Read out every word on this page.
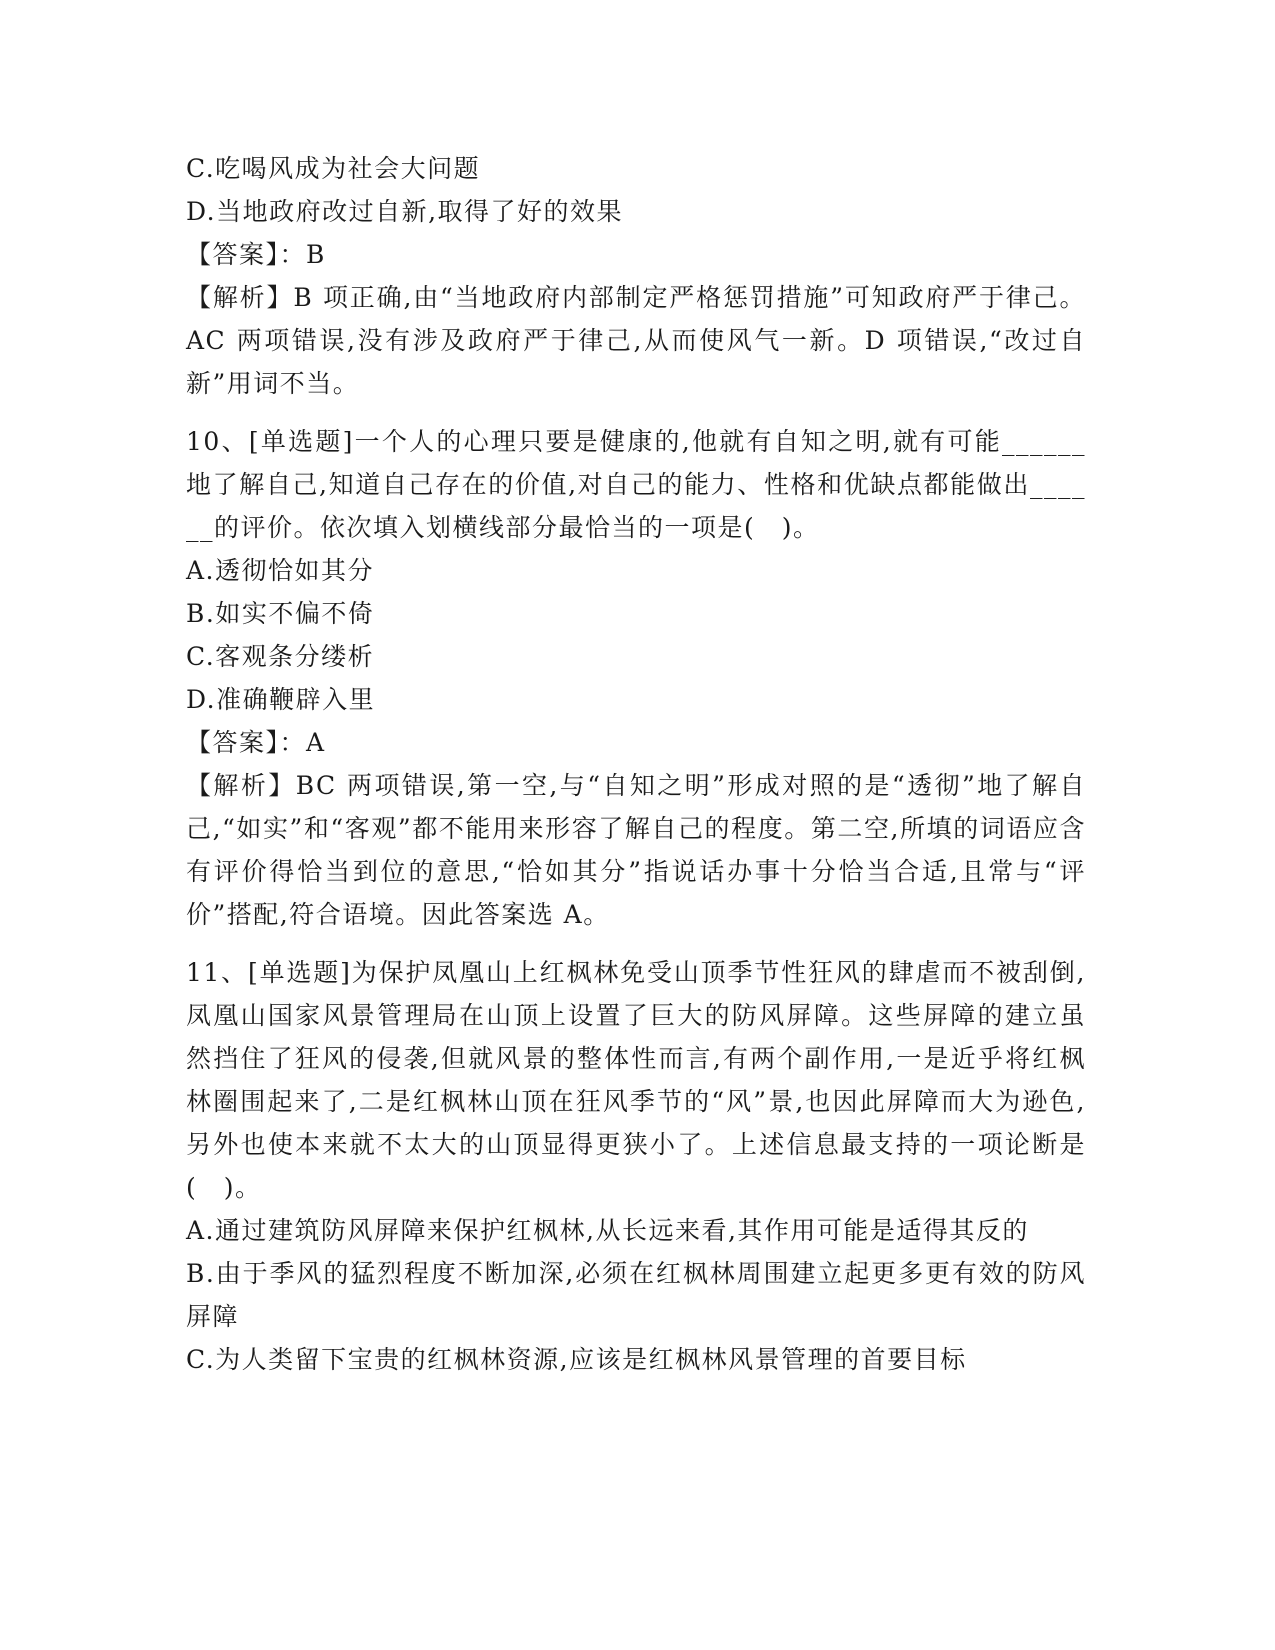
C.吃喝风成为社会大问题
D.当地政府改过自新,取得了好的效果
【答案】：B
【解析】B 项正确,由“当地政府内部制定严格惩罚措施”可知政府严于律己。AC 两项错误,没有涉及政府严于律己,从而使风气一新。D 项错误,“改过自新”用词不当。
10、[单选题]一个人的心理只要是健康的,他就有自知之明,就有可能______地了解自己,知道自己存在的价值,对自己的能力、性格和优缺点都能做出______的评价。依次填入划横线部分最恰当的一项是(　)。
A.透彻恰如其分
B.如实不偏不倚
C.客观条分缕析
D.准确鞭辟入里
【答案】：A
【解析】BC 两项错误,第一空,与“自知之明”形成对照的是“透彻”地了解自己,“如实”和“客观”都不能用来形容了解自己的程度。第二空,所填的词语应含有评价得恰当到位的意思,“恰如其分”指说话办事十分恰当合适,且常与“评价”搭配,符合语境。因此答案选 A。
11、[单选题]为保护凤凰山上红枫林免受山顶季节性狂风的肆虐而不被刮倒,凤凰山国家风景管理局在山顶上设置了巨大的防风屏障。这些屏障的建立虽然挡住了狂风的侵袭,但就风景的整体性而言,有两个副作用,一是近乎将红枫林圈围起来了,二是红枫林山顶在狂风季节的“风”景,也因此屏障而大为逊色,另外也使本来就不太大的山顶显得更狭小了。上述信息最支持的一项论断是(　)。
A.通过建筑防风屏障来保护红枫林,从长远来看,其作用可能是适得其反的
B.由于季风的猛烈程度不断加深,必须在红枫林周围建立起更多更有效的防风屏障
C.为人类留下宝贵的红枫林资源,应该是红枫林风景管理的首要目标
